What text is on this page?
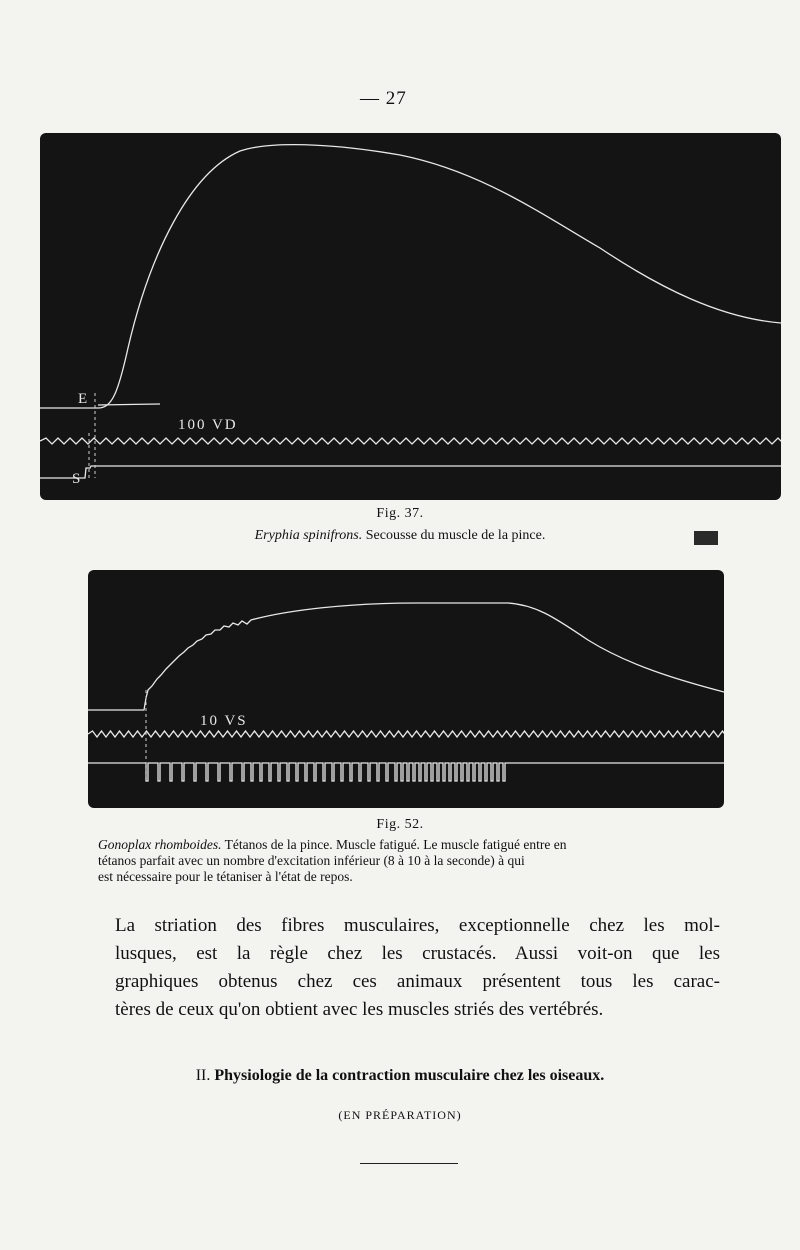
— 27
E
S
100 VD
Fig. 37.
Eryphia spinifrons. Secousse du muscle de la pince.
10 VS
Fig. 52.
Gonoplax rhomboides. Tétanos de la pince. Muscle fatigué. Le muscle fatigué entre en
tétanos parfait avec un nombre d'excitation inférieur (8 à 10 à la seconde) à qui
est nécessaire pour le tétaniser à l'état de repos.
La striation des fibres musculaires, exceptionnelle chez les mol-
lusques, est la règle chez les crustacés. Aussi voit-on que les
graphiques obtenus chez ces animaux présentent tous les carac-
tères de ceux qu'on obtient avec les muscles striés des vertébrés.
II. Physiologie de la contraction musculaire chez les oiseaux.
(EN PRÉPARATION)
